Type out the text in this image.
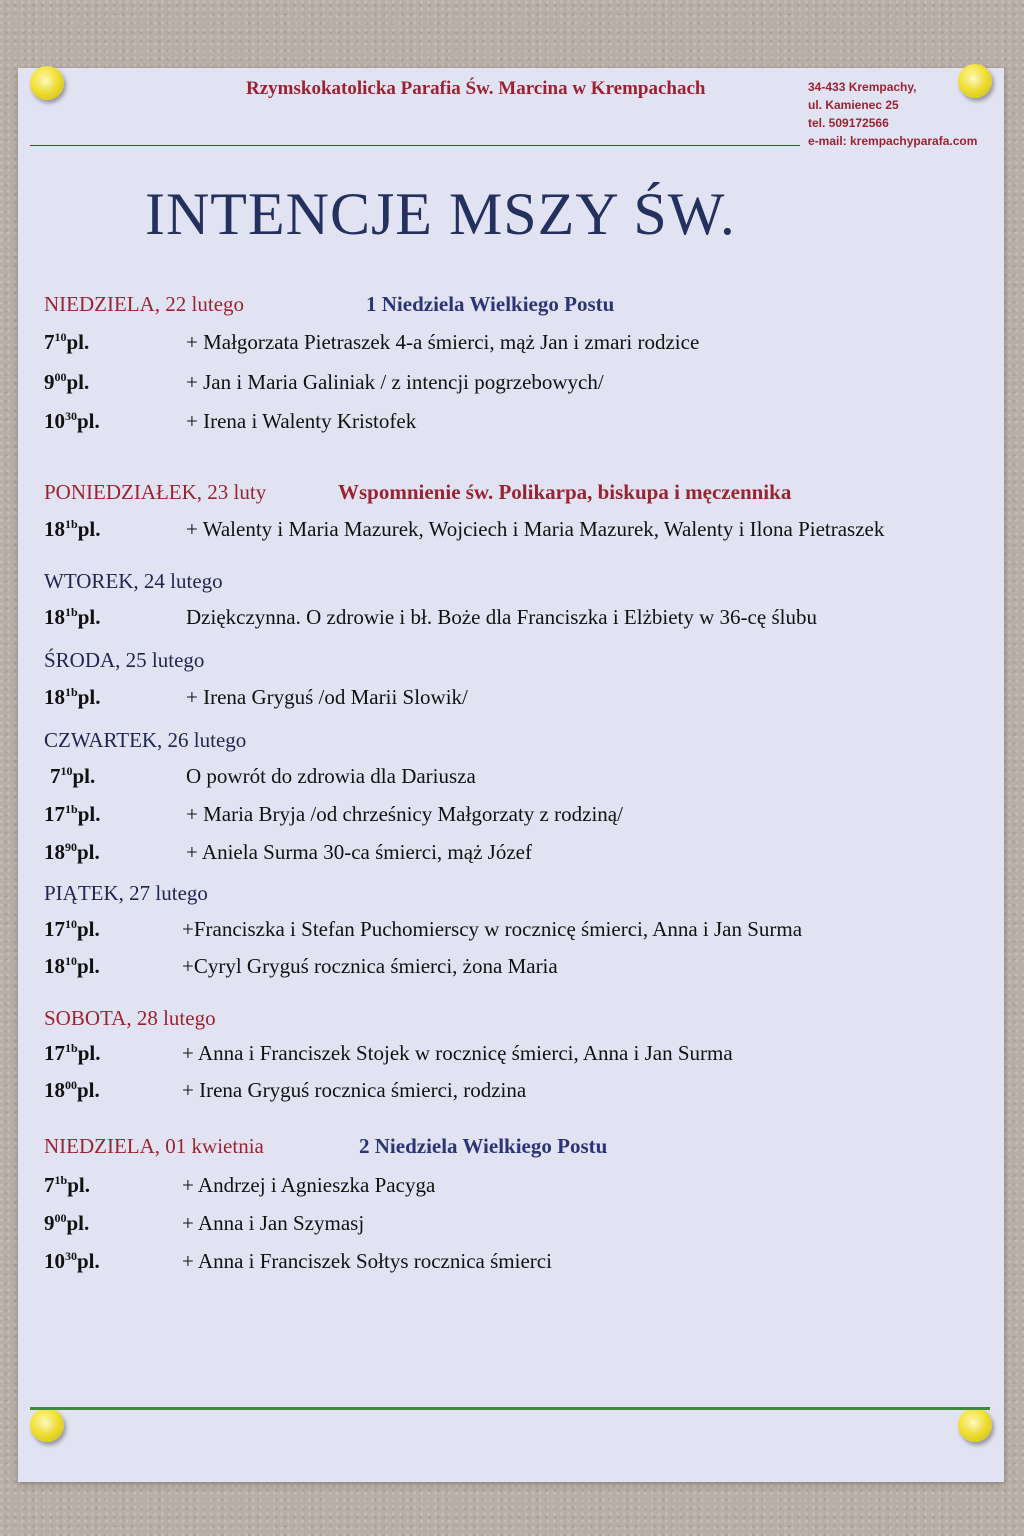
Rzymskokatolicka Parafia Św. Marcina w Krempachach	34-433 Krempachy,
ul. Kamienec 25
tel. 509172566
e-mail: krempachyparafa.com
INTENCJE MSZY ŚW.
NIEDZIELA, 22 lutego	1 Niedziela Wielkiego Postu
$7^{10}pl$.	+ Małgorzata Pietraszek 4-a śmierci, mąż Jan i zmari rodzice
$9^{00}pl$.	+ Jan i Maria Galiniak / z intencji pogrzebowych/
$10^{30}pl$.	+ Irena i Walenty Kristofek
PONIEDZIAŁEK, 23 luty	Wspomnienie św. Polikarpa, biskupa i męczennika
$18^{1b}pl$.	+ Walenty i Maria Mazurek, Wojciech i Maria Mazurek, Walenty i Ilona Pietraszek
WTOREK, 24 lutego
$18^{1b}pl$.	Dziękczynna. O zdrowie i bł. Boże dla Franciszka i Elżbiety w 36-cę ślubu
ŚRODA, 25 lutego
$18^{1b}pl$.	+ Irena Gryguś /od Marii Slowik/
CZWARTEK, 26 lutego
$7^{10}pl$.	O powrót do zdrowia dla Dariusza
$17^{1b}pl$.	+ Maria Bryja /od chrześnicy Małgorzaty z rodziną/
$18^{90}pl$.	+ Aniela Surma 30-ca śmierci, mąż Józef
PIĄTEK, 27 lutego
$17^{10}pl$.	+Franciszka i Stefan Puchomierscy w rocznicę śmierci, Anna i Jan Surma
$18^{10}pl$.	+Cyryl Gryguś rocznica śmierci, żona Maria
SOBOTA, 28 lutego
$17^{1b}pl$.	+ Anna i Franciszek Stojek w rocznicę śmierci, Anna i Jan Surma
$18^{00}pl$.	+ Irena Gryguś rocznica śmierci, rodzina
NIEDZIELA, 01 kwietnia	2 Niedziela Wielkiego Postu
$7^{1b}pl$.	+ Andrzej i Agnieszka Pacyga
$9^{00}pl$.	+ Anna i Jan Szymasj
$10^{30}pl$.	+ Anna i Franciszek Sołtys rocznica śmierci
